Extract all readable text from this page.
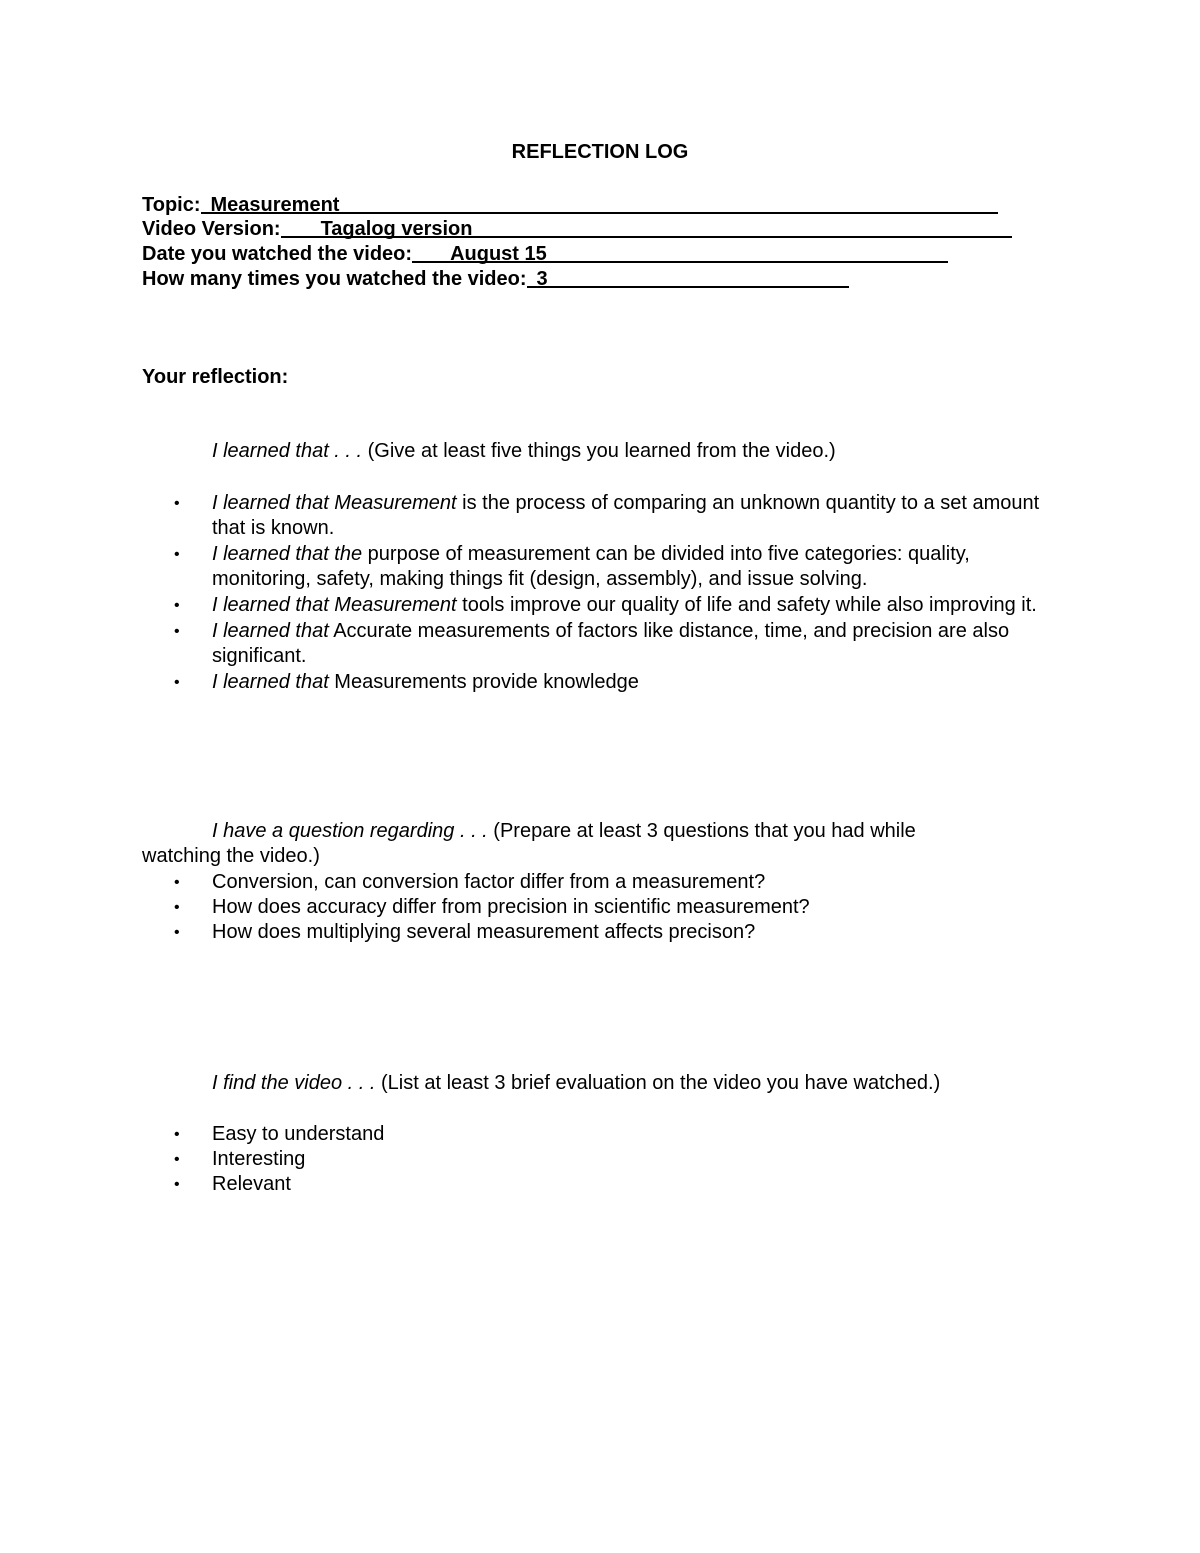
REFLECTION LOG
Topic: Measurement
Video Version:	Tagalog version
Date you watched the video:	August 15
How many times you watched the video: 3
Your reflection:
I learned that . . . (Give at least five things you learned from the video.)
• I learned that Measurement is the process of comparing an unknown quantity to a set amount that is known.
• I learned that the purpose of measurement can be divided into five categories: quality, monitoring, safety, making things fit (design, assembly), and issue solving.
• I learned that Measurement tools improve our quality of life and safety while also improving it.
• I learned that Accurate measurements of factors like distance, time, and precision are also significant.
• I learned that Measurements provide knowledge
I have a question regarding . . . (Prepare at least 3 questions that you had while
watching the video.)
• Conversion, can conversion factor differ from a measurement?
• How does accuracy differ from precision in scientific measurement?
• How does multiplying several measurement affects precison?
I find the video . . . (List at least 3 brief evaluation on the video you have watched.)
• Easy to understand
• Interesting
• Relevant
